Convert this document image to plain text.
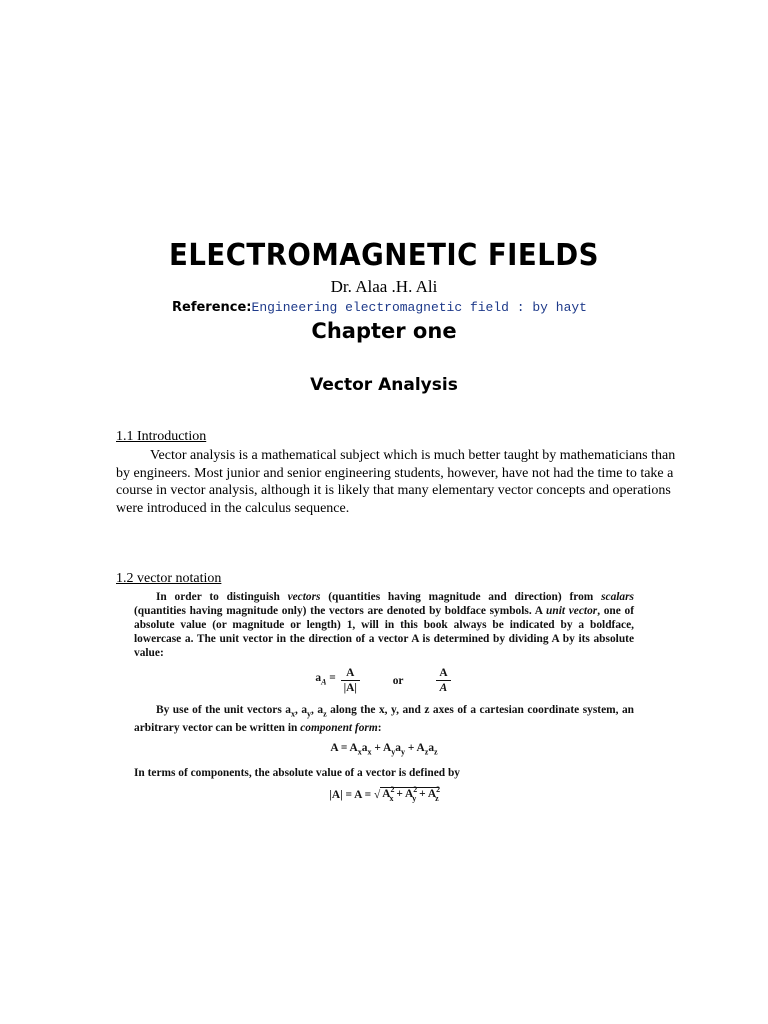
ELECTROMAGNETIC FIELDS
Dr. Alaa .H. Ali
Reference:Engineering electromagnetic field : by hayt
Chapter one
Vector Analysis
1.1 Introduction

Vector analysis is a mathematical subject which is much better taught by mathematicians than by engineers. Most junior and senior engineering students, however, have not had the time to take a course in vector analysis, although it is likely that many elementary vector concepts and operations were introduced in the calculus sequence.

1.2 vector notation

In order to distinguish vectors (quantities having magnitude and direction) from scalars (quantities having magnitude only) the vectors are denoted by boldface symbols. A unit vector, one of absolute value (or magnitude or length) 1, will in this book always be indicated by a boldface, lowercase a. The unit vector in the direction of a vector A is determined by dividing A by its absolute value:

$a_A = \frac{A}{|A|}$	or	$\frac{A}{A}$

By use of the unit vectors $a_x$, $a_y$, $a_z$ along the x, y, and z axes of a cartesian coordinate system, an arbitrary vector can be written in component form:

$A = A_xa_x + A_ya_y + A_za_z$

In terms of components, the absolute value of a vector is defined by

|A| = A = √ $A^2_x + A^2_y + A^2_z$
